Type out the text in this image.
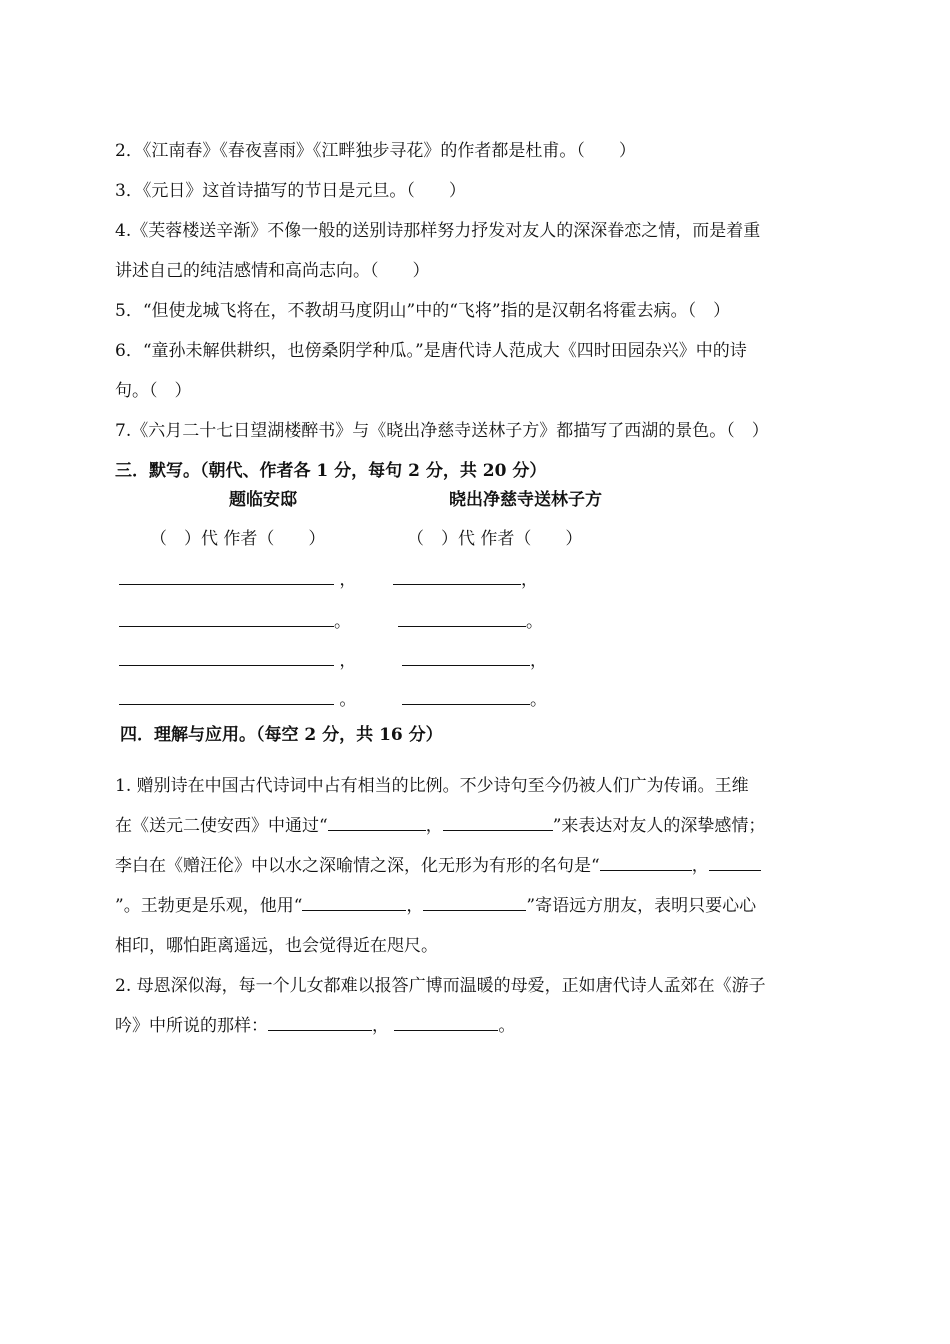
2．《江南春》《春夜喜雨》《江畔独步寻花》的作者都是杜甫。（　　）
3．《元日》这首诗描写的节日是元旦。（　　）
4.《芙蓉楼送辛渐》不像一般的送别诗那样努力抒发对友人的深深眷恋之情，而是着重
讲述自己的纯洁感情和高尚志向。（　　）
5．“但使龙城飞将在，不教胡马度阴山”中的“飞将”指的是汉朝名将霍去病。（　）
6．“童孙未解供耕织，也傍桑阴学种瓜。”是唐代诗人范成大《四时田园杂兴》中的诗
句。（　）
7.《六月二十七日望湖楼醉书》与《晓出净慈寺送林子方》都描写了西湖的景色。（　）
三．默写。（朝代、作者各 1 分，每句 2 分，共 20 分）
题临安邸	晓出净慈寺送林子方
（　）代 作者（　　）	（　）代 作者（　　）
，
。
，
。
，
。
，
。
四．理解与应用。（每空 2 分，共 16 分）
1. 赠别诗在中国古代诗词中占有相当的比例。不少诗句至今仍被人们广为传诵。王维
在《送元二使安西》中通过“	，	”来表达对友人的深挚感情；
李白在《赠汪伦》中以水之深喻情之深，化无形为有形的名句是“	，
”。王勃更是乐观，他用“	，	”寄语远方朋友，表明只要心心
相印，哪怕距离遥远，也会觉得近在咫尺。
2. 母恩深似海，每一个儿女都难以报答广博而温暖的母爱，正如唐代诗人孟郊在《游子
吟》中所说的那样：	，	。
